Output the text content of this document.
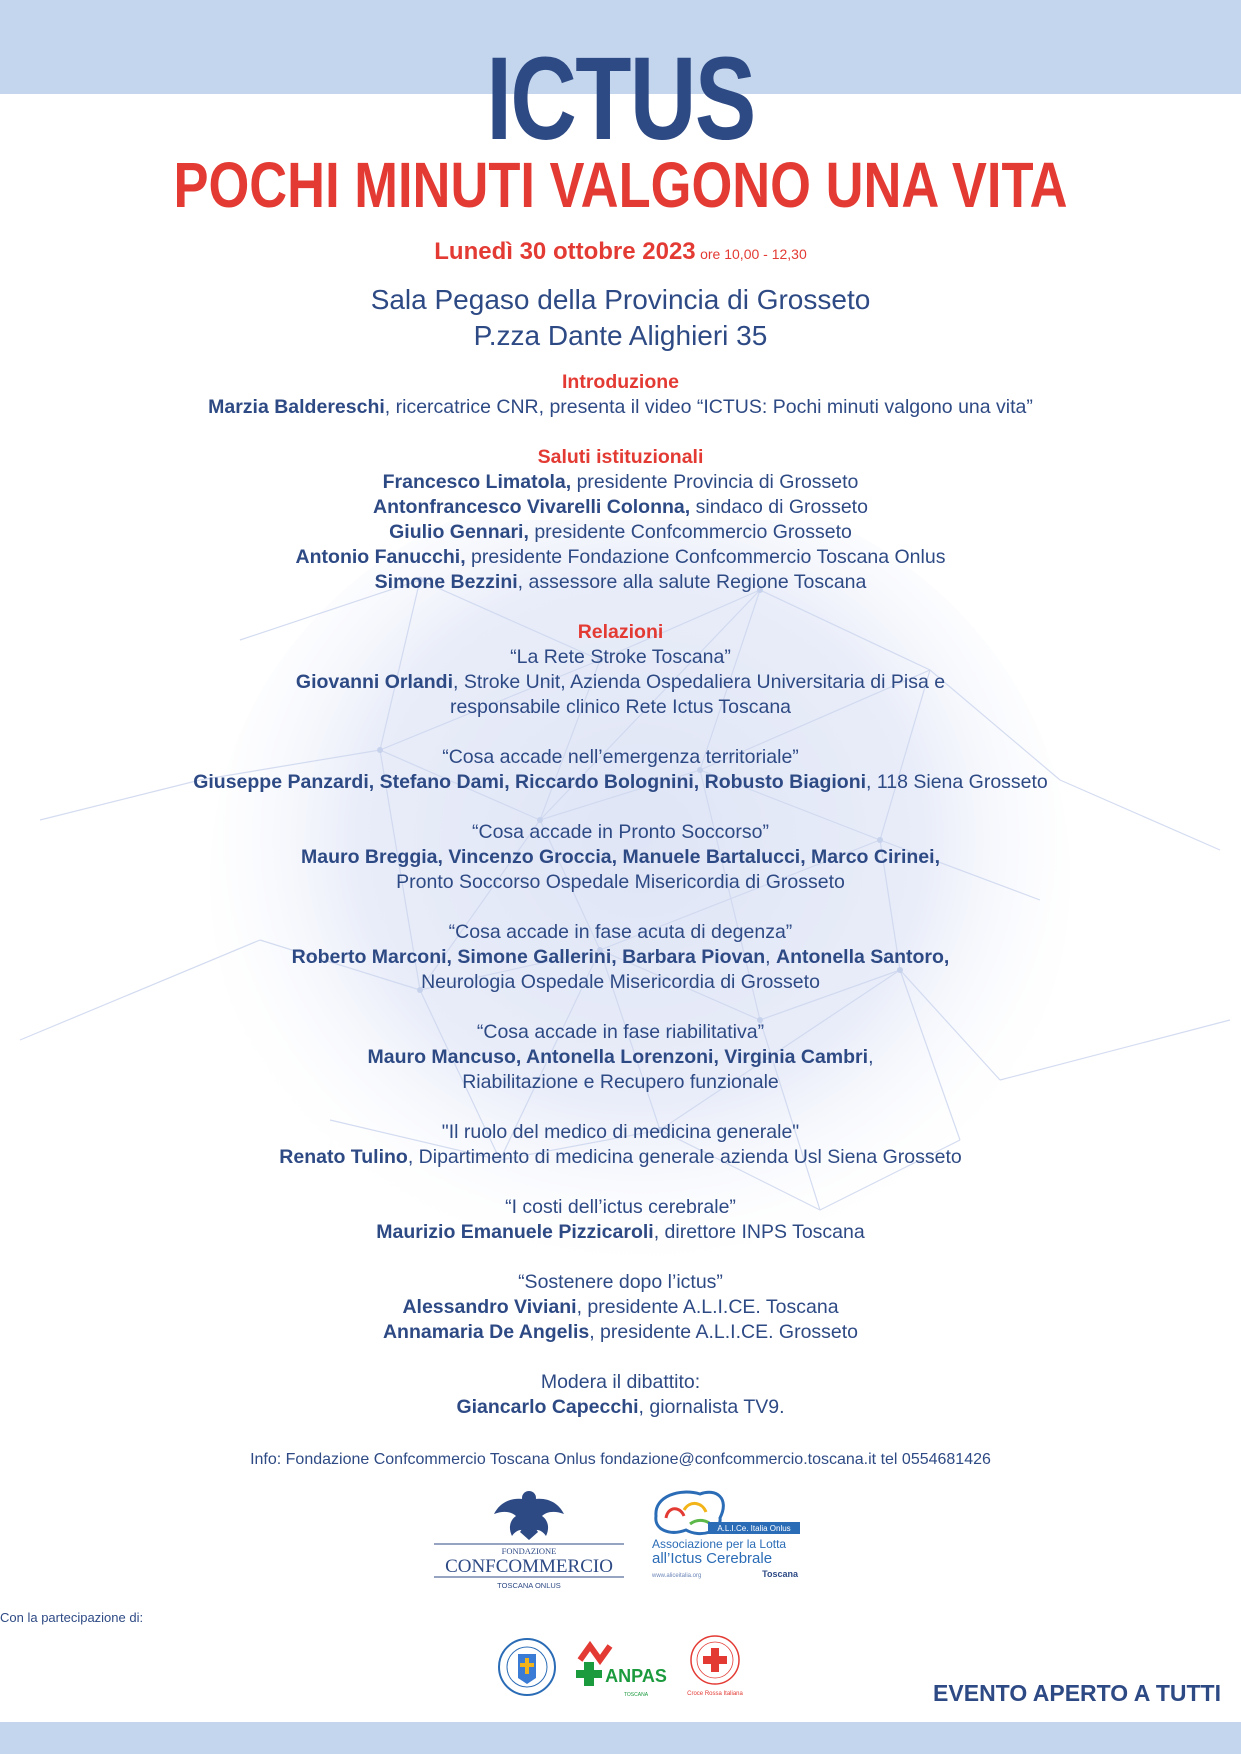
ICTUS
POCHI MINUTI VALGONO UNA VITA
Lunedì 30 ottobre 2023 ore 10,00 - 12,30
Sala Pegaso della Provincia di Grosseto
P.zza Dante Alighieri 35
Introduzione
Marzia Baldereschi, ricercatrice CNR, presenta il video “ICTUS: Pochi minuti valgono una vita”
Saluti istituzionali
Francesco Limatola, presidente Provincia di Grosseto
Antonfrancesco Vivarelli Colonna, sindaco di Grosseto
Giulio Gennari, presidente Confcommercio Grosseto
Antonio Fanucchi, presidente Fondazione Confcommercio Toscana Onlus
Simone Bezzini, assessore alla salute Regione Toscana
Relazioni
“La Rete Stroke Toscana”
Giovanni Orlandi, Stroke Unit, Azienda Ospedaliera Universitaria di Pisa e
responsabile clinico Rete Ictus Toscana
“Cosa accade nell’emergenza territoriale”
Giuseppe Panzardi, Stefano Dami, Riccardo Bolognini, Robusto Biagioni, 118 Siena Grosseto
“Cosa accade in Pronto Soccorso”
Mauro Breggia, Vincenzo Groccia, Manuele Bartalucci, Marco Cirinei,
Pronto Soccorso Ospedale Misericordia di Grosseto
“Cosa accade in fase acuta di degenza”
Roberto Marconi, Simone Gallerini, Barbara Piovan, Antonella Santoro,
Neurologia Ospedale Misericordia di Grosseto
“Cosa accade in fase riabilitativa”
Mauro Mancuso, Antonella Lorenzoni, Virginia Cambri,
Riabilitazione e Recupero funzionale
"Il ruolo del medico di medicina generale"
Renato Tulino, Dipartimento di medicina generale azienda Usl Siena Grosseto
“I costi dell’ictus cerebrale”
Maurizio Emanuele Pizzicaroli, direttore INPS Toscana
“Sostenere dopo l’ictus”
Alessandro Viviani, presidente A.L.I.CE. Toscana
Annamaria De Angelis, presidente A.L.I.CE. Grosseto
Modera il dibattito:
Giancarlo Capecchi, giornalista TV9.
Info: Fondazione Confcommercio Toscana Onlus fondazione@confcommercio.toscana.it tel 0554681426
FONDAZIONE
CONFCOMMERCIO
TOSCANA ONLUS
A.L.I.Ce. Italia Onlus
Associazione per la Lotta
all’Ictus Cerebrale
www.aliceitalia.org	Toscana
Con la partecipazione di:
ANPAS
TOSCANA	Croce Rossa Italiana	EVENTO APERTO A TUTTI
